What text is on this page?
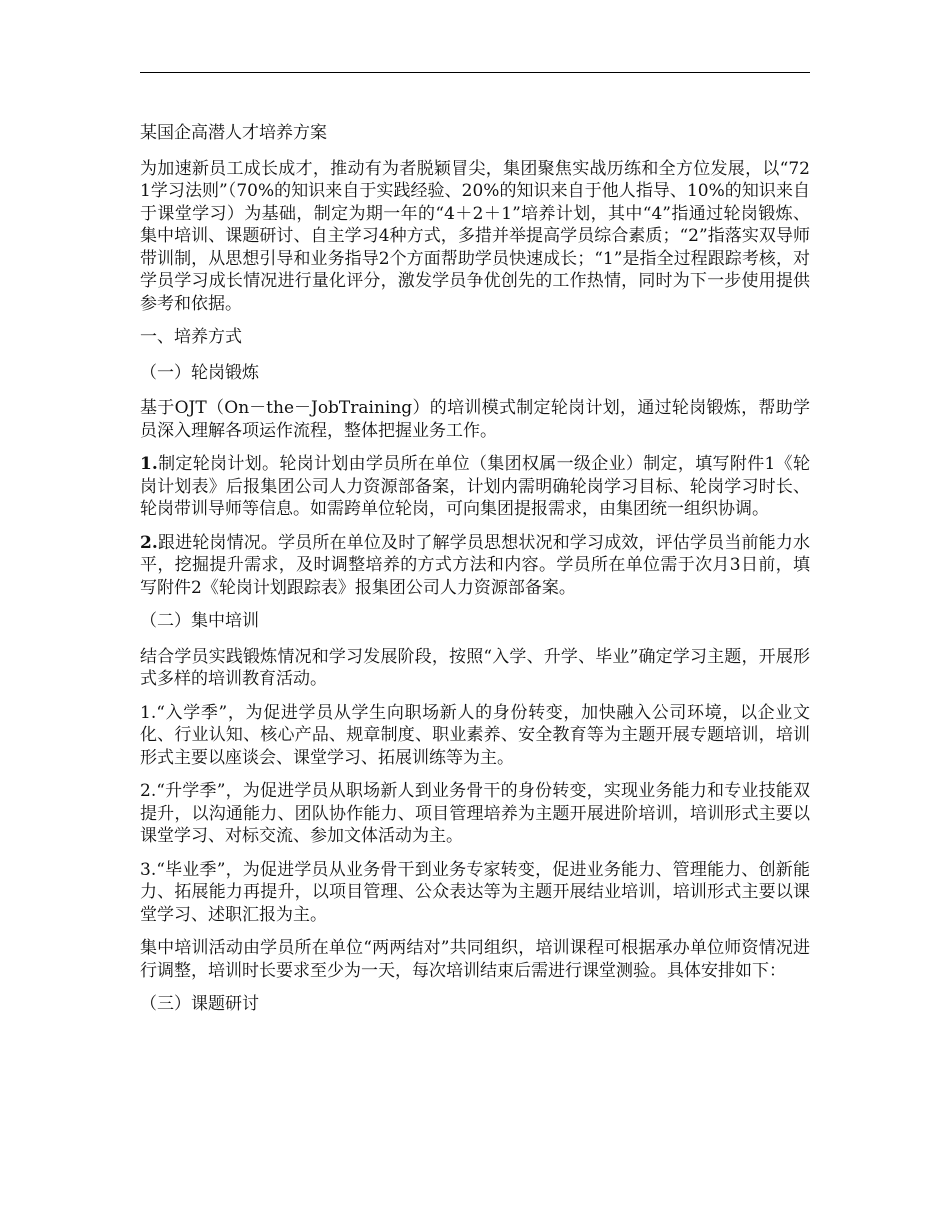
某国企高潜人才培养方案

为加速新员工成长成才，推动有为者脱颖冒尖，集团聚焦实战历练和全方位发展，以“721学习法则”（70%的知识来自于实践经验、20%的知识来自于他人指导、10%的知识来自于课堂学习）为基础，制定为期一年的“4＋2＋1”培养计划，其中“4”指通过轮岗锻炼、集中培训、课题研讨、自主学习4种方式，多措并举提高学员综合素质；“2”指落实双导师带训制，从思想引导和业务指导2个方面帮助学员快速成长；“1”是指全过程跟踪考核，对学员学习成长情况进行量化评分，激发学员争优创先的工作热情，同时为下一步使用提供参考和依据。

一、培养方式

（一）轮岗锻炼

基于OJT（On－the－JobTraining）的培训模式制定轮岗计划，通过轮岗锻炼，帮助学员深入理解各项运作流程，整体把握业务工作。

1.制定轮岗计划。轮岗计划由学员所在单位（集团权属一级企业）制定，填写附件1《轮岗计划表》后报集团公司人力资源部备案，计划内需明确轮岗学习目标、轮岗学习时长、轮岗带训导师等信息。如需跨单位轮岗，可向集团提报需求，由集团统一组织协调。

2.跟进轮岗情况。学员所在单位及时了解学员思想状况和学习成效，评估学员当前能力水平，挖掘提升需求，及时调整培养的方式方法和内容。学员所在单位需于次月3日前，填写附件2《轮岗计划跟踪表》报集团公司人力资源部备案。

（二）集中培训

结合学员实践锻炼情况和学习发展阶段，按照“入学、升学、毕业”确定学习主题，开展形式多样的培训教育活动。

1.“入学季”，为促进学员从学生向职场新人的身份转变，加快融入公司环境，以企业文化、行业认知、核心产品、规章制度、职业素养、安全教育等为主题开展专题培训，培训形式主要以座谈会、课堂学习、拓展训练等为主。

2.“升学季”，为促进学员从职场新人到业务骨干的身份转变，实现业务能力和专业技能双提升，以沟通能力、团队协作能力、项目管理培养为主题开展进阶培训，培训形式主要以课堂学习、对标交流、参加文体活动为主。

3.“毕业季”，为促进学员从业务骨干到业务专家转变，促进业务能力、管理能力、创新能力、拓展能力再提升，以项目管理、公众表达等为主题开展结业培训，培训形式主要以课堂学习、述职汇报为主。

集中培训活动由学员所在单位“两两结对”共同组织，培训课程可根据承办单位师资情况进行调整，培训时长要求至少为一天，每次培训结束后需进行课堂测验。具体安排如下：

（三）课题研讨
